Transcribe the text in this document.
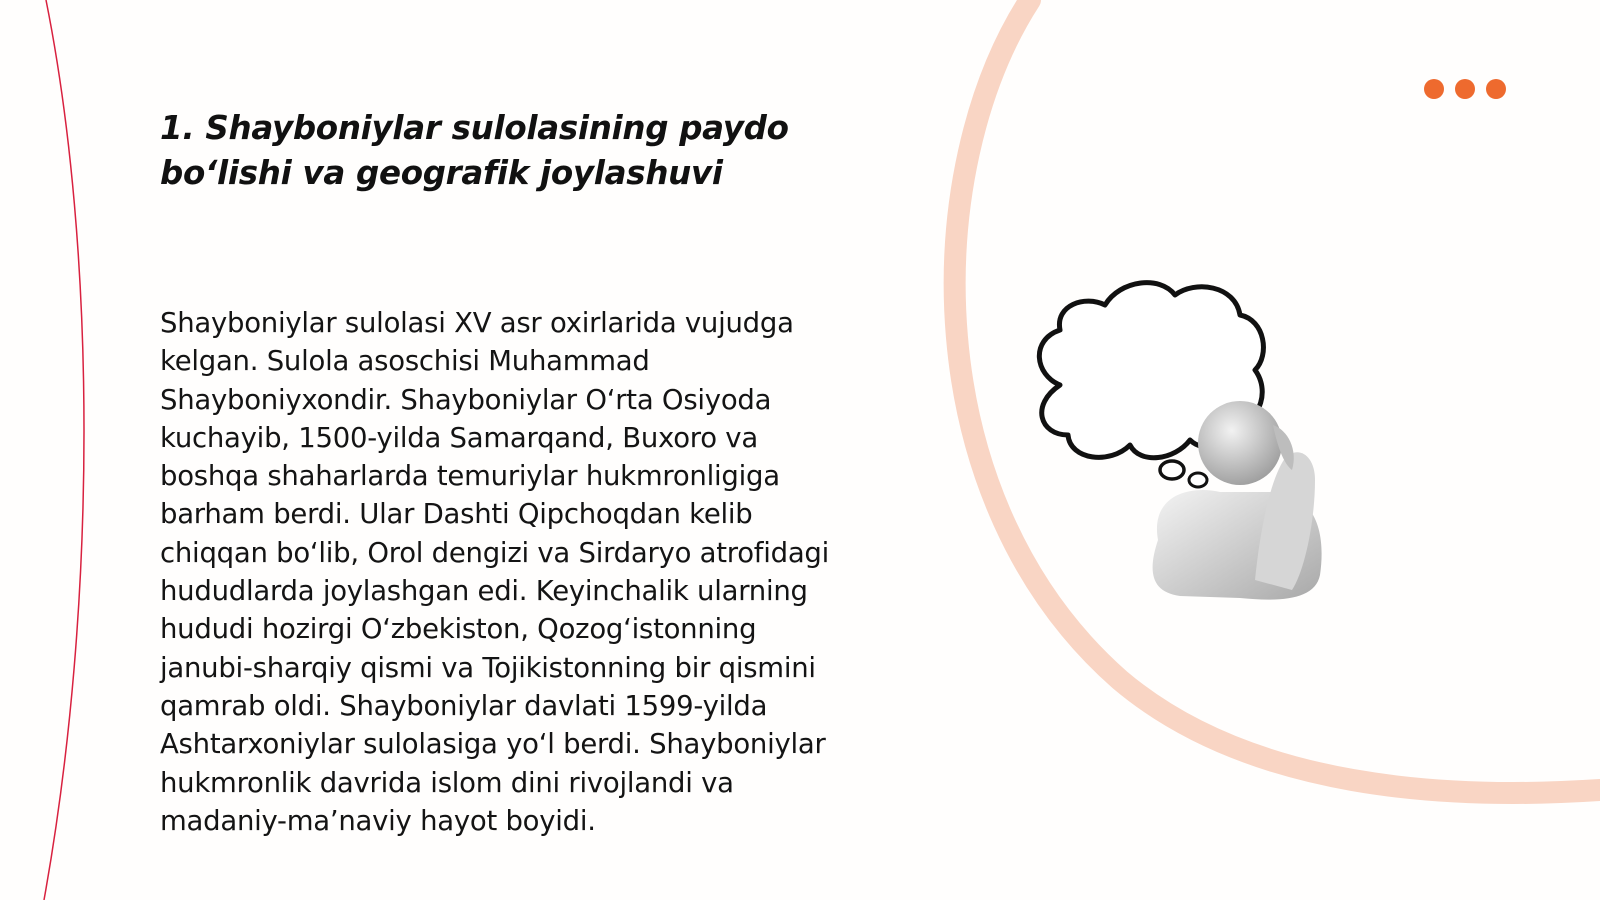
1. Shayboniylar sulolasining paydo bo‘lishi va geografik joylashuvi

Shayboniylar sulolasi XV asr oxirlarida vujudga kelgan. Sulola asoschisi Muhammad Shayboniyxondir. Shayboniylar O‘rta Osiyoda kuchayib, 1500-yilda Samarqand, Buxoro va boshqa shaharlarda temuriylar hukmronligiga barham berdi. Ular Dashti Qipchoqdan kelib chiqqan bo‘lib, Orol dengizi va Sirdaryo atrofidagi hududlarda joylashgan edi. Keyinchalik ularning hududi hozirgi O‘zbekiston, Qozog‘istonning janubi-sharqiy qismi va Tojikistonning bir qismini qamrab oldi. Shayboniylar davlati 1599-yilda Ashtarxoniylar sulolasiga yo‘l berdi. Shayboniylar hukmronlik davrida islom dini rivojlandi va madaniy-ma’naviy hayot boyidi.
